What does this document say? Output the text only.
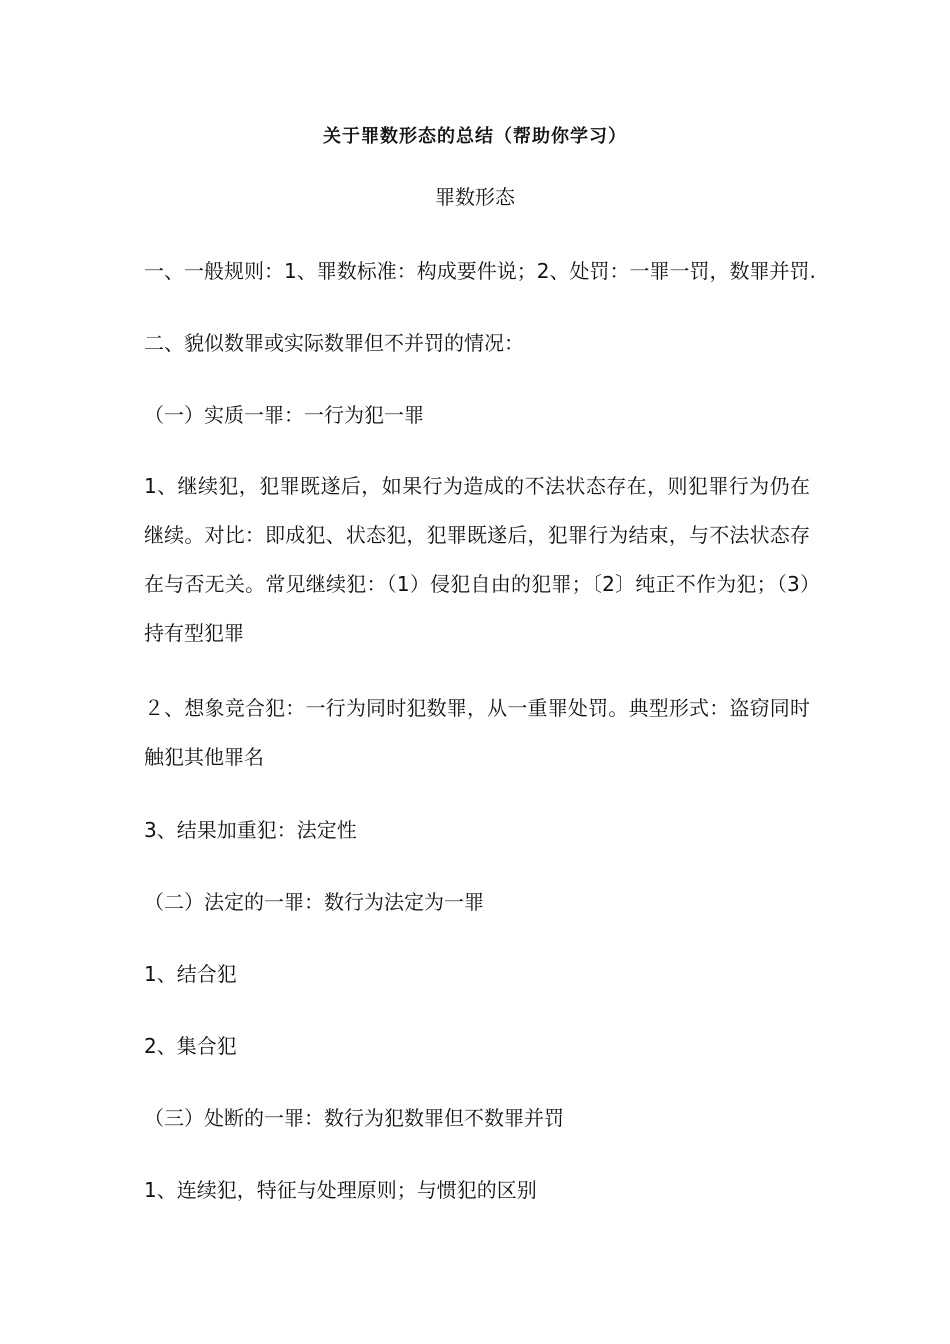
关于罪数形态的总结（帮助你学习）
罪数形态
一、一般规则：1、罪数标准：构成要件说；2、处罚：一罪一罚，数罪并罚.
二、貌似数罪或实际数罪但不并罚的情况：
（一）实质一罪：一行为犯一罪
1、继续犯，犯罪既遂后，如果行为造成的不法状态存在，则犯罪行为仍在继续。对比：即成犯、状态犯，犯罪既遂后，犯罪行为结束，与不法状态存在与否无关。常见继续犯：（1）侵犯自由的犯罪；〔2〕纯正不作为犯；（3）持有型犯罪
２、想象竞合犯：一行为同时犯数罪，从一重罪处罚。典型形式：盗窃同时触犯其他罪名
3、结果加重犯：法定性
（二）法定的一罪：数行为法定为一罪
1、结合犯
2、集合犯
（三）处断的一罪：数行为犯数罪但不数罪并罚
1、连续犯，特征与处理原则；与惯犯的区别
